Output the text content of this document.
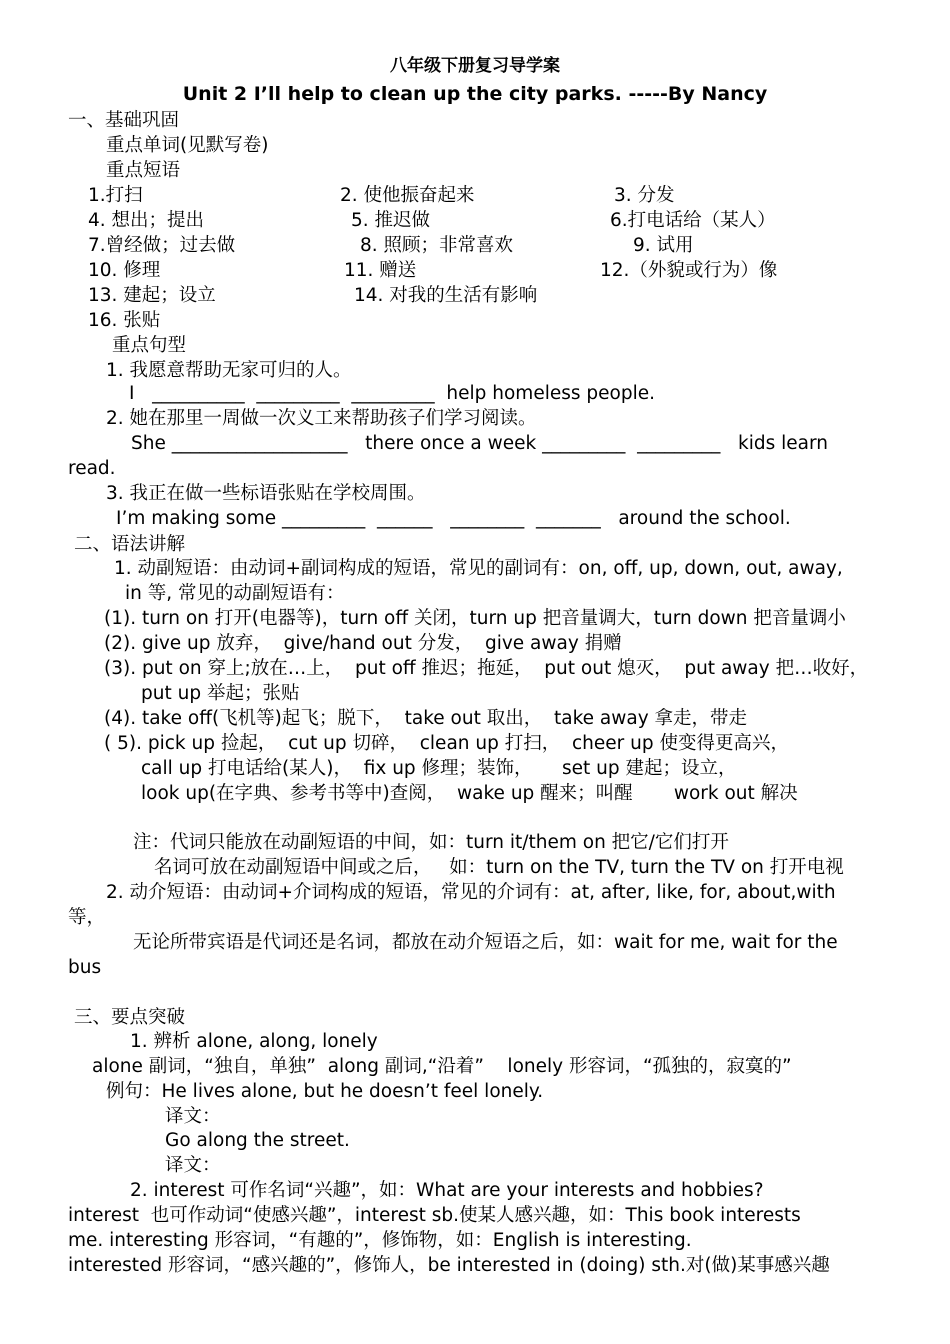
八年级下册复习导学案
Unit 2 I’ll help to clean up the city parks. -----By Nancy
一、基础巩固
重点单词(见默写卷)
重点短语
1.打扫	2. 使他振奋起来	3. 分发
4. 想出；提出	5. 推迟做	6.打电话给（某人）
7.曾经做；过去做	8. 照顾；非常喜欢	9. 试用
10. 修理	11. 赠送	12.（外貌或行为）像
13. 建起；设立	14. 对我的生活有影响
16. 张贴
重点句型
1. 我愿意帮助无家可归的人。
I   __________  _________  _________  help homeless people.
2. 她在那里一周做一次义工来帮助孩子们学习阅读。
She ___________________   there once a week _________  _________   kids learn
read.
3. 我正在做一些标语张贴在学校周围。
I’m making some _________  ______   ________  _______   around the school.
二、语法讲解
1. 动副短语：由动词+副词构成的短语，常见的副词有：on, off, up, down, out, away,
in 等, 常见的动副短语有：
(1). turn on 打开(电器等)，turn off 关闭，turn up 把音量调大，turn down 把音量调小
(2). give up 放弃，  give/hand out 分发，  give away 捐赠
(3). put on 穿上;放在…上，  put off 推迟；拖延，  put out 熄灭，  put away 把…收好，
put up 举起；张贴
(4). take off(飞机等)起飞；脱下，  take out 取出，  take away 拿走，带走
( 5). pick up 捡起，  cut up 切碎，  clean up 打扫，  cheer up 使变得更高兴，
call up 打电话给(某人)，  fix up 修理；装饰，     set up 建起；设立，
look up(在字典、参考书等中)查阅，  wake up 醒来；叫醒       work out 解决
注：代词只能放在动副短语的中间，如：turn it/them on 把它/它们打开
名词可放在动副短语中间或之后，   如：turn on the TV, turn the TV on 打开电视
2. 动介短语：由动词+介词构成的短语，常见的介词有：at, after, like, for, about,with
等，
无论所带宾语是代词还是名词，都放在动介短语之后，如：wait for me, wait for the
bus
三、要点突破
1. 辨析 alone, along, lonely
alone 副词，“独自，单独”  along 副词,“沿着”    lonely 形容词，“孤独的，寂寞的”
例句：He lives alone, but he doesn’t feel lonely.
译文：
Go along the street.
译文：
2. interest 可作名词“兴趣”，如：What are your interests and hobbies?
interest  也可作动词“使感兴趣”，interest sb.使某人感兴趣，如：This book interests
me. interesting 形容词，“有趣的”，修饰物，如：English is interesting.
interested 形容词，“感兴趣的”，修饰人，be interested in (doing) sth.对(做)某事感兴趣
